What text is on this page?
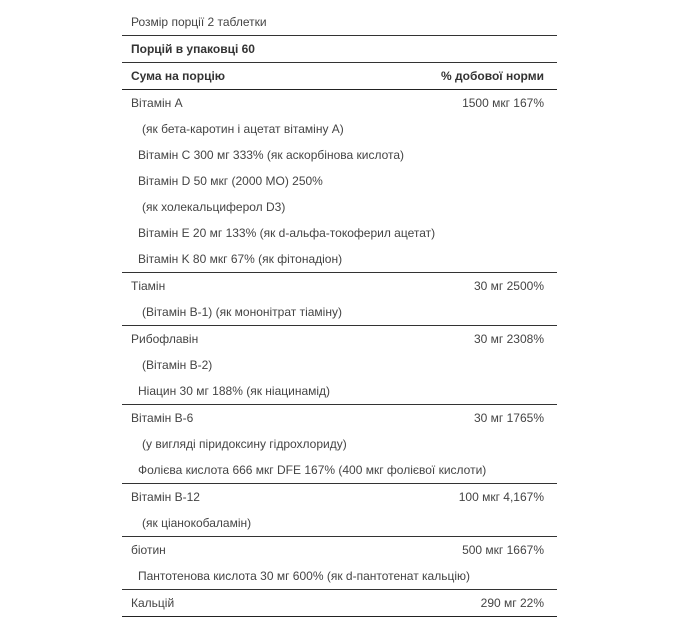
Розмір порції 2 таблетки
Порцій в упаковці 60
Сума на порцію	% добової норми
Вітамін А	1500 мкг 167%
(як бета-каротин і ацетат вітаміну А)
Вітамін C 300 мг 333% (як аскорбінова кислота)
Вітамін D 50 мкг (2000 МО) 250%
(як холекальциферол D3)
Вітамін E 20 мг 133% (як d-альфа-токоферил ацетат)
Вітамін K 80 мкг 67% (як фітонадіон)
Тіамін	30 мг 2500%
(Вітамін B-1) (як мононітрат тіаміну)
Рибофлавін	30 мг 2308%
(Вітамін B-2)
Ніацин 30 мг 188% (як ніацинамід)
Вітамін B-6	30 мг 1765%
(у вигляді піридоксину гідрохлориду)
Фолієва кислота 666 мкг DFE 167% (400 мкг фолієвої кислоти)
Вітамін B-12	100 мкг 4,167%
(як ціанокобаламін)
біотин	500 мкг 1667%
Пантотенова кислота 30 мг 600% (як d-пантотенат кальцію)
Кальцій	290 мг 22%
